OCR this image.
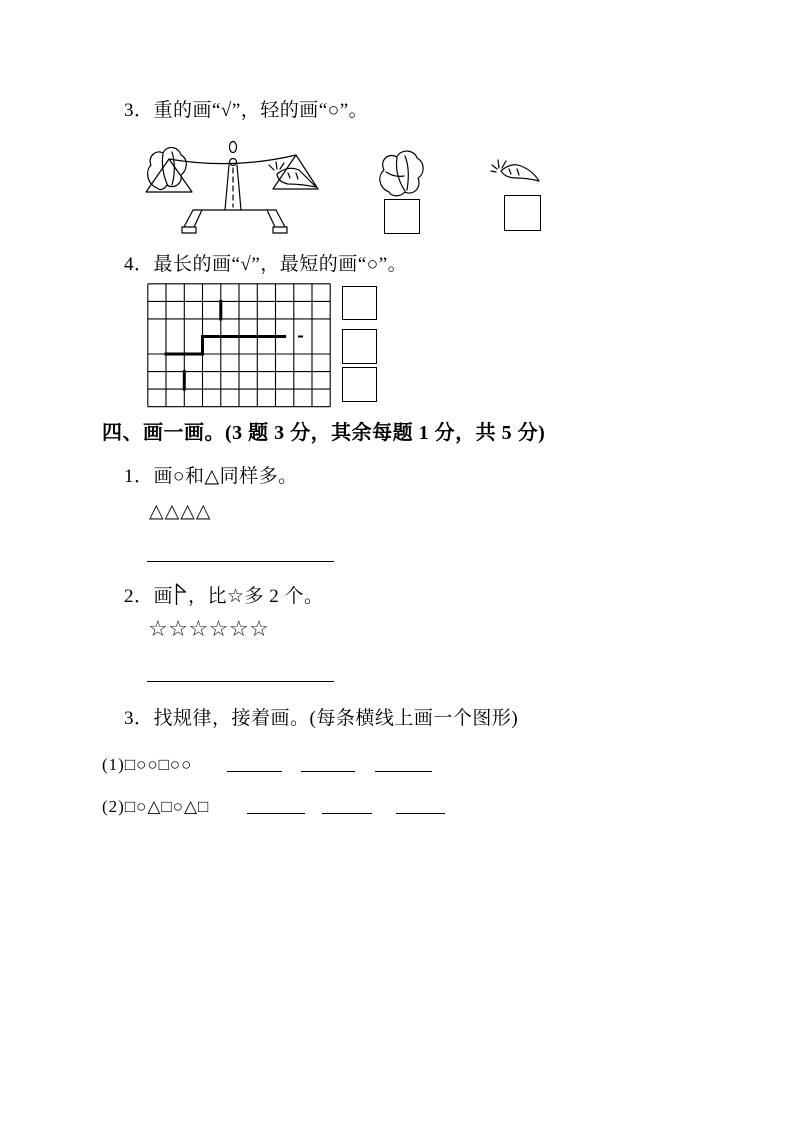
3．重的画“√”，轻的画“○”。
4．最长的画“√”，最短的画“○”。
四、画一画。(3 题 3 分，其余每题 1 分，共 5 分)
1．画○和△同样多。
△△△△
2．画 ，比☆多 2 个。
☆☆☆☆☆☆
3．找规律，接着画。(每条横线上画一个图形)
(1)□○○□○○
(2)□○△□○△□
